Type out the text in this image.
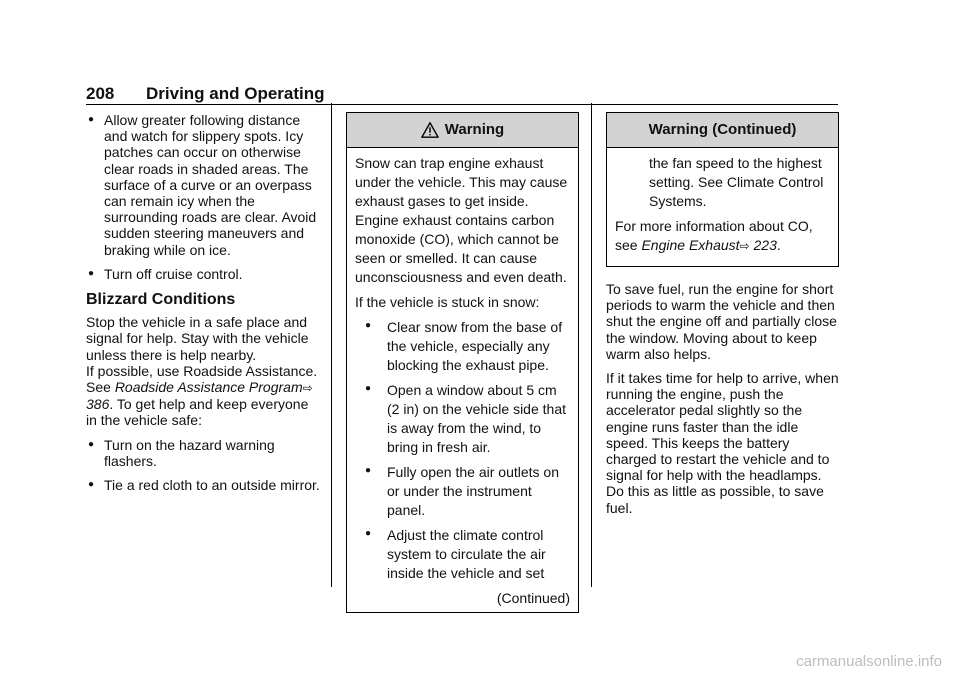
208 Driving and Operating
● Allow greater following distance and watch for slippery spots. Icy patches can occur on otherwise clear roads in shaded areas. The surface of a curve or an overpass can remain icy when the surrounding roads are clear. Avoid sudden steering maneuvers and braking while on ice.
● Turn off cruise control.
Blizzard Conditions
Stop the vehicle in a safe place and signal for help. Stay with the vehicle unless there is help nearby.
If possible, use Roadside Assistance. See Roadside Assistance Program⇨ 386. To get help and keep everyone in the vehicle safe:
● Turn on the hazard warning flashers.
● Tie a red cloth to an outside mirror.
Warning
Snow can trap engine exhaust under the vehicle. This may cause exhaust gases to get inside. Engine exhaust contains carbon monoxide (CO), which cannot be seen or smelled. It can cause unconsciousness and even death.
If the vehicle is stuck in snow:
●	Clear snow from the base of the vehicle, especially any blocking the exhaust pipe.
●	Open a window about 5 cm (2 in) on the vehicle side that is away from the wind, to bring in fresh air.
●	Fully open the air outlets on or under the instrument panel.
●	Adjust the climate control system to circulate the air inside the vehicle and set
(Continued)
Warning (Continued)
the fan speed to the highest setting. See Climate Control Systems.
For more information about CO, see Engine Exhaust⇨ 223.
To save fuel, run the engine for short periods to warm the vehicle and then shut the engine off and partially close the window. Moving about to keep warm also helps.
If it takes time for help to arrive, when running the engine, push the accelerator pedal slightly so the engine runs faster than the idle speed. This keeps the battery charged to restart the vehicle and to signal for help with the headlamps. Do this as little as possible, to save fuel.
carmanualsonline.info
